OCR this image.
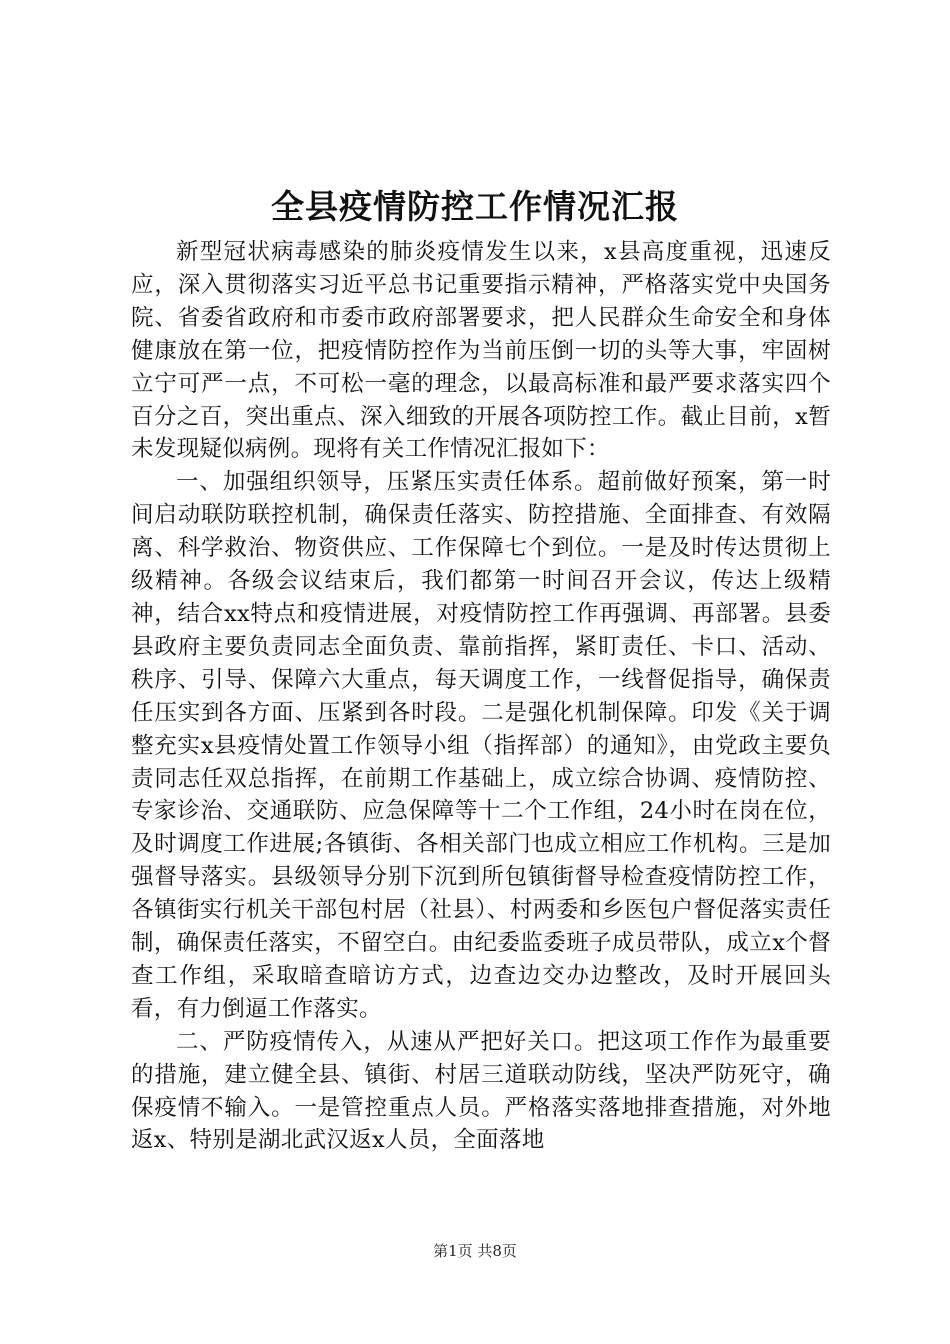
全县疫情防控工作情况汇报

新型冠状病毒感染的肺炎疫情发生以来，x县高度重视，迅速反应，深入贯彻落实习近平总书记重要指示精神，严格落实党中央国务院、省委省政府和市委市政府部署要求，把人民群众生命安全和身体健康放在第一位，把疫情防控作为当前压倒一切的头等大事，牢固树立宁可严一点，不可松一毫的理念，以最高标准和最严要求落实四个百分之百，突出重点、深入细致的开展各项防控工作。截止目前，x暂未发现疑似病例。现将有关工作情况汇报如下：

一、加强组织领导，压紧压实责任体系。超前做好预案，第一时间启动联防联控机制，确保责任落实、防控措施、全面排查、有效隔离、科学救治、物资供应、工作保障七个到位。一是及时传达贯彻上级精神。各级会议结束后，我们都第一时间召开会议，传达上级精神，结合xx特点和疫情进展，对疫情防控工作再强调、再部署。县委县政府主要负责同志全面负责、靠前指挥，紧盯责任、卡口、活动、秩序、引导、保障六大重点，每天调度工作，一线督促指导，确保责任压实到各方面、压紧到各时段。二是强化机制保障。印发《关于调整充实x县疫情处置工作领导小组（指挥部）的通知》，由党政主要负责同志任双总指挥，在前期工作基础上，成立综合协调、疫情防控、专家诊治、交通联防、应急保障等十二个工作组，24小时在岗在位，及时调度工作进展;各镇街、各相关部门也成立相应工作机构。三是加强督导落实。县级领导分别下沉到所包镇街督导检查疫情防控工作，各镇街实行机关干部包村居（社县）、村两委和乡医包户督促落实责任制，确保责任落实，不留空白。由纪委监委班子成员带队，成立x个督查工作组，采取暗查暗访方式，边查边交办边整改，及时开展回头看，有力倒逼工作落实。

二、严防疫情传入，从速从严把好关口。把这项工作作为最重要的措施，建立健全县、镇街、村居三道联动防线，坚决严防死守，确保疫情不输入。一是管控重点人员。严格落实落地排查措施，对外地返x、特别是湖北武汉返x人员，全面落地

第1页 共8页
